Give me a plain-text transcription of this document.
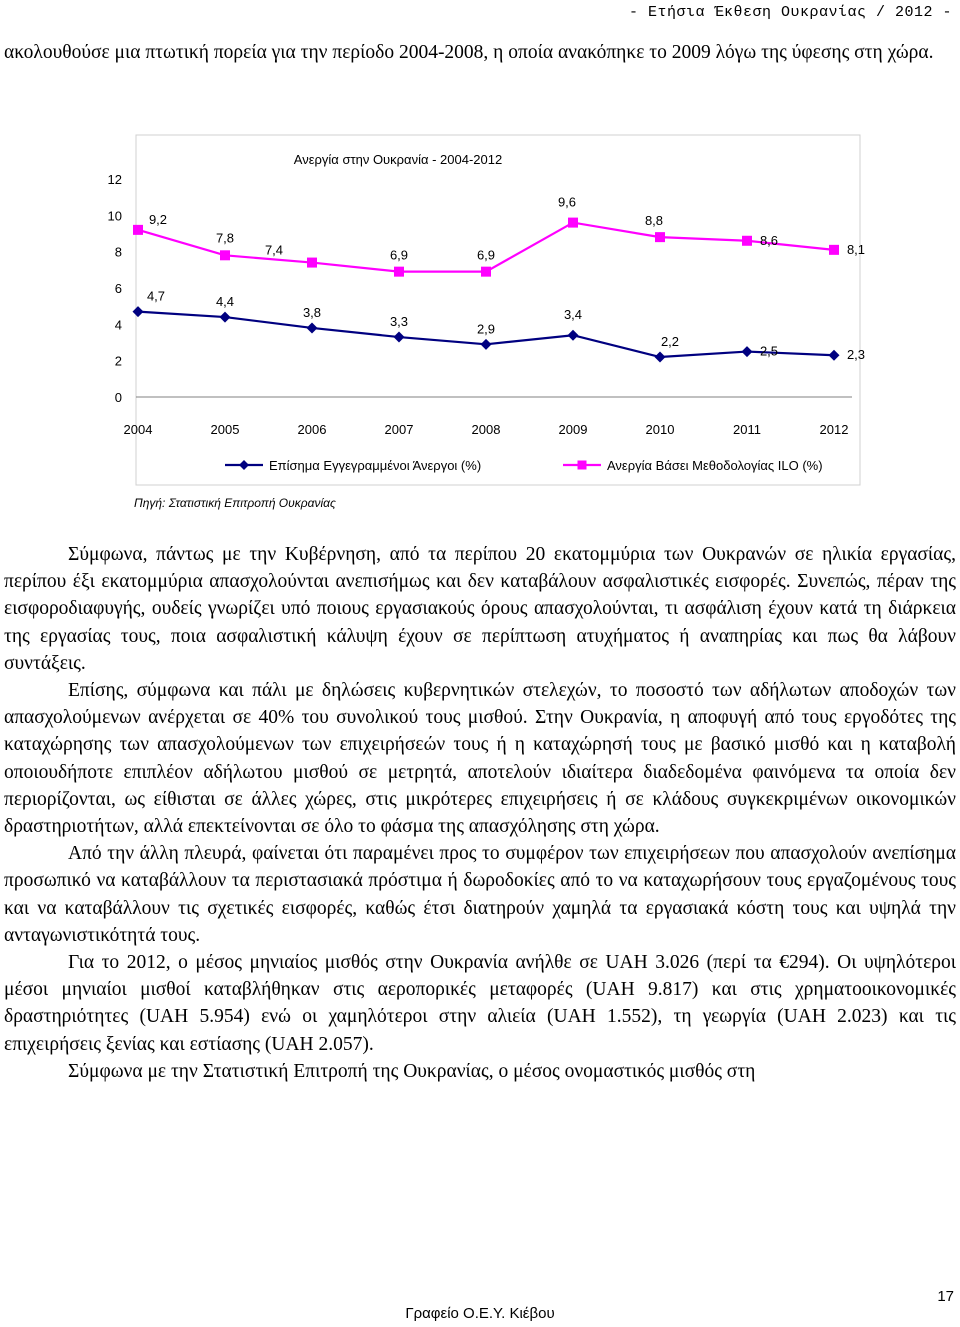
- Ετήσια Έκθεση Ουκρανίας / 2012 -

ακολουθούσε μια πτωτική πορεία για την περίοδο 2004-2008, η οποία ανακόπηκε το 2009 λόγω της ύφεσης στη χώρα.

Ανεργία στην Ουκρανία - 2004-2012
0
2
4
6
8
10
12
2004	2005	2006	2007	2008	2009	2010	2011	2012
4,7	4,4
3,8
3,3	2,9
3,4
2,2
2,5	2,3
9,2
7,8
7,4	6,9	6,9
9,6
8,8
8,6
8,1
Επίσημα Εγγεγραμμένοι Άνεργοι (%)	Ανεργία Βάσει Μεθοδολογίας ILO (%)
Πηγή: Στατιστική Επιτροπή Ουκρανίας

Σύμφωνα, πάντως με την Κυβέρνηση, από τα περίπου 20 εκατομμύρια των Ουκρανών σε ηλικία εργασίας, περίπου έξι εκατομμύρια απασχολούνται ανεπισήμως και δεν καταβάλουν ασφαλιστικές εισφορές. Συνεπώς, πέραν της εισφοροδιαφυγής, ουδείς γνωρίζει υπό ποιους εργασιακούς όρους απασχολούνται, τι ασφάλιση έχουν κατά τη διάρκεια της εργασίας τους, ποια ασφαλιστική κάλυψη έχουν σε περίπτωση ατυχήματος ή αναπηρίας και πως θα λάβουν συντάξεις.

Επίσης, σύμφωνα και πάλι με δηλώσεις κυβερνητικών στελεχών, το ποσοστό των αδήλωτων αποδοχών των απασχολούμενων ανέρχεται σε 40% του συνολικού τους μισθού. Στην Ουκρανία, η αποφυγή από τους εργοδότες της καταχώρησης των απασχολούμενων των επιχειρήσεών τους ή η καταχώρησή τους με βασικό μισθό και η καταβολή οποιουδήποτε επιπλέον αδήλωτου μισθού σε μετρητά, αποτελούν ιδιαίτερα διαδεδομένα φαινόμενα τα οποία δεν περιορίζονται, ως είθισται σε άλλες χώρες, στις μικρότερες επιχειρήσεις ή σε κλάδους συγκεκριμένων οικονομικών δραστηριοτήτων, αλλά επεκτείνονται σε όλο το φάσμα της απασχόλησης στη χώρα.

Από την άλλη πλευρά, φαίνεται ότι παραμένει προς το συμφέρον των επιχειρήσεων που απασχολούν ανεπίσημα προσωπικό να καταβάλλουν τα περιστασιακά πρόστιμα ή δωροδοκίες από το να καταχωρήσουν τους εργαζομένους τους και να καταβάλλουν τις σχετικές εισφορές, καθώς έτσι διατηρούν χαμηλά τα εργασιακά κόστη τους και υψηλά την ανταγωνιστικότητά τους.

Για το 2012, ο μέσος μηνιαίος μισθός στην Ουκρανία ανήλθε σε UAH 3.026 (περί τα €294). Οι υψηλότεροι μέσοι μηνιαίοι μισθοί καταβλήθηκαν στις αεροπορικές μεταφορές (UAH 9.817) και στις χρηματοοικονομικές δραστηριότητες (UAH 5.954) ενώ οι χαμηλότεροι στην αλιεία (UAH 1.552), τη γεωργία (UAH 2.023) και τις επιχειρήσεις ξενίας και εστίασης (UAH 2.057).

Σύμφωνα με την Στατιστική Επιτροπή της Ουκρανίας, ο μέσος ονομαστικός μισθός στη

17
Γραφείο Ο.Ε.Υ. Κιέβου
